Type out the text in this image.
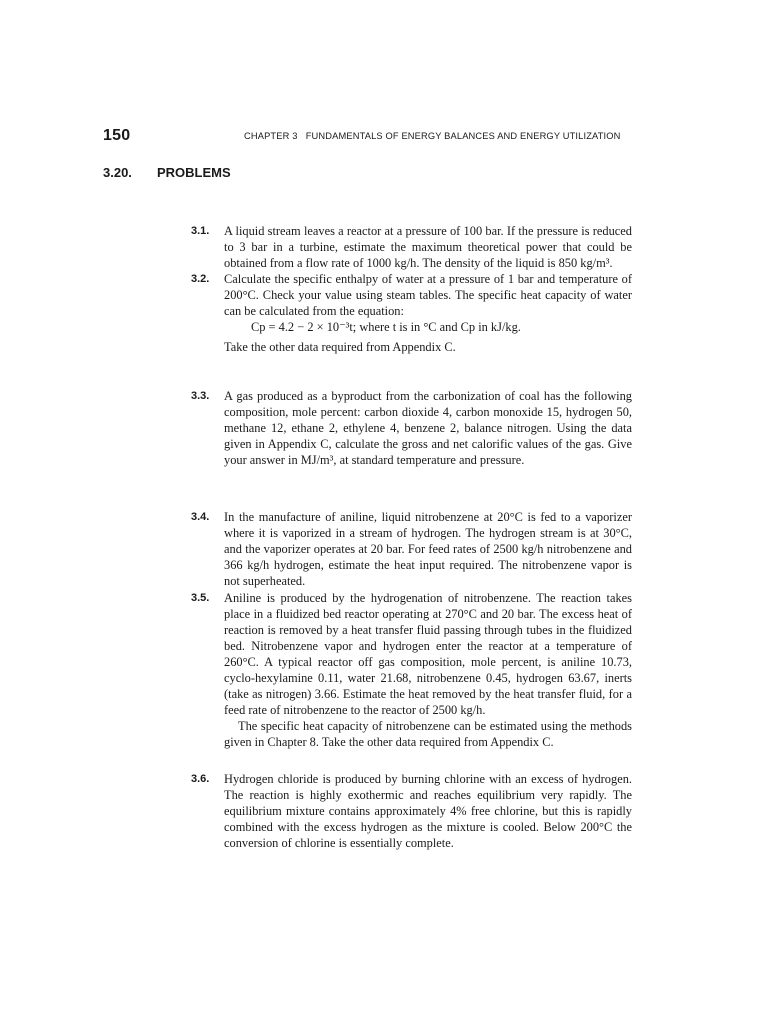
150	CHAPTER 3   FUNDAMENTALS OF ENERGY BALANCES AND ENERGY UTILIZATION
3.20. PROBLEMS
3.1. A liquid stream leaves a reactor at a pressure of 100 bar. If the pressure is reduced to 3 bar in a turbine, estimate the maximum theoretical power that could be obtained from a flow rate of 1000 kg/h. The density of the liquid is 850 kg/m³.

3.2. Calculate the specific enthalpy of water at a pressure of 1 bar and temperature of 200°C. Check your value using steam tables. The specific heat capacity of water can be calculated from the equation:

Cp = 4.2 − 2 × 10⁻³t; where t is in °C and Cp in kJ/kg.

Take the other data required from Appendix C.

3.3. A gas produced as a byproduct from the carbonization of coal has the following composition, mole percent: carbon dioxide 4, carbon monoxide 15, hydrogen 50, methane 12, ethane 2, ethylene 4, benzene 2, balance nitrogen. Using the data given in Appendix C, calculate the gross and net calorific values of the gas. Give your answer in MJ/m³, at standard temperature and pressure.

3.4. In the manufacture of aniline, liquid nitrobenzene at 20°C is fed to a vaporizer where it is vaporized in a stream of hydrogen. The hydrogen stream is at 30°C, and the vaporizer operates at 20 bar. For feed rates of 2500 kg/h nitrobenzene and 366 kg/h hydrogen, estimate the heat input required. The nitrobenzene vapor is not superheated.

3.5. Aniline is produced by the hydrogenation of nitrobenzene. The reaction takes place in a fluidized bed reactor operating at 270°C and 20 bar. The excess heat of reaction is removed by a heat transfer fluid passing through tubes in the fluidized bed. Nitrobenzene vapor and hydrogen enter the reactor at a temperature of 260°C. A typical reactor off gas composition, mole percent, is aniline 10.73, cyclo-hexylamine 0.11, water 21.68, nitrobenzene 0.45, hydrogen 63.67, inerts (take as nitrogen) 3.66. Estimate the heat removed by the heat transfer fluid, for a feed rate of nitrobenzene to the reactor of 2500 kg/h.

The specific heat capacity of nitrobenzene can be estimated using the methods given in Chapter 8. Take the other data required from Appendix C.

3.6. Hydrogen chloride is produced by burning chlorine with an excess of hydrogen. The reaction is highly exothermic and reaches equilibrium very rapidly. The equilibrium mixture contains approximately 4% free chlorine, but this is rapidly combined with the excess hydrogen as the mixture is cooled. Below 200°C the conversion of chlorine is essentially complete.
